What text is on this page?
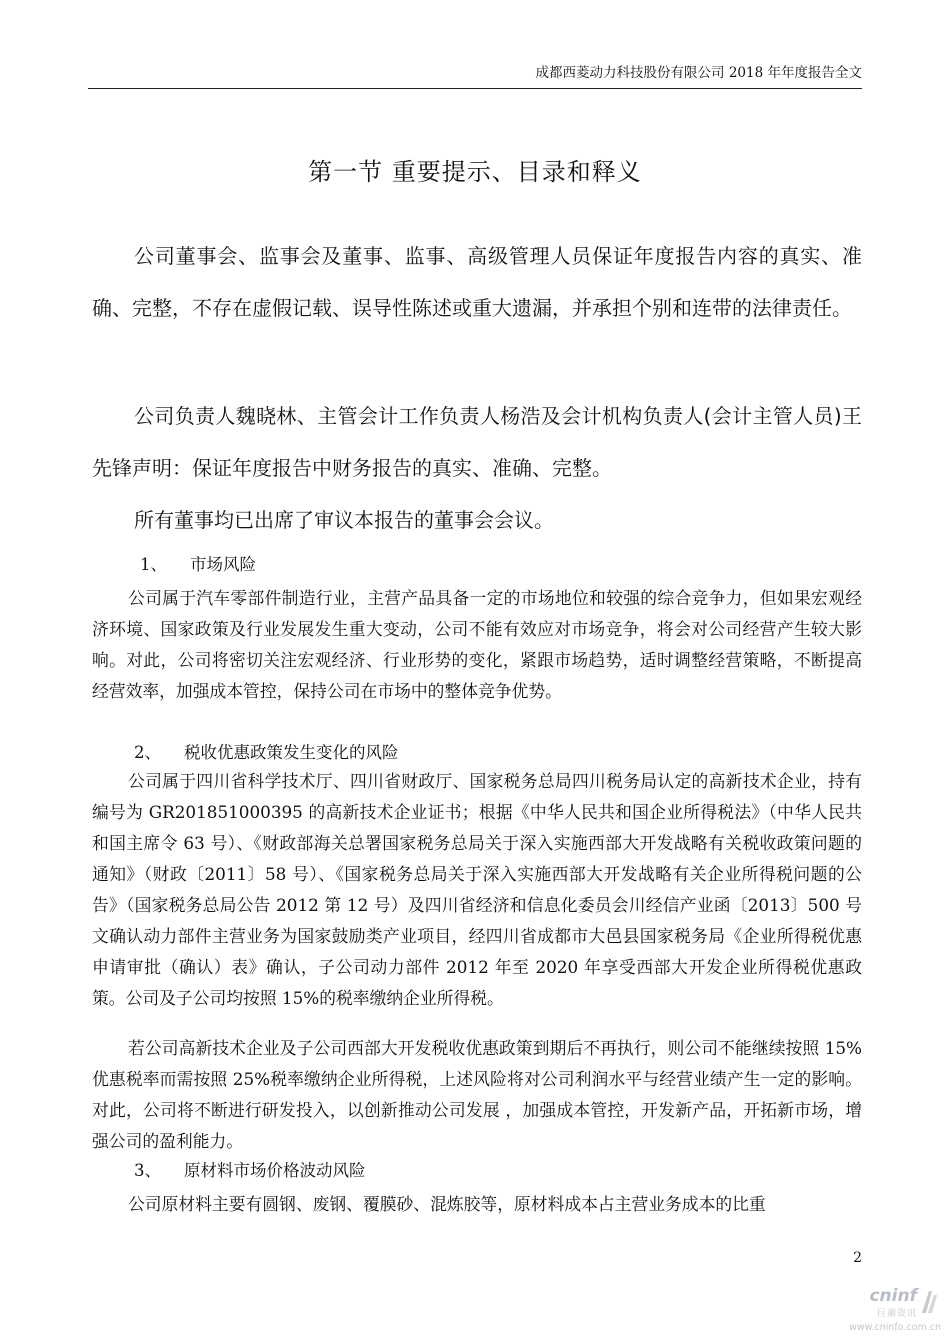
成都西菱动力科技股份有限公司 2018 年年度报告全文
第一节 重要提示、目录和释义
公司董事会、监事会及董事、监事、高级管理人员保证年度报告内容的真实、准确、完整，不存在虚假记载、误导性陈述或重大遗漏，并承担个别和连带的法律责任。
公司负责人魏晓林、主管会计工作负责人杨浩及会计机构负责人(会计主管人员)王先锋声明：保证年度报告中财务报告的真实、准确、完整。
所有董事均已出席了审议本报告的董事会会议。
1、 市场风险
公司属于汽车零部件制造行业，主营产品具备一定的市场地位和较强的综合竞争力，但如果宏观经济环境、国家政策及行业发展发生重大变动，公司不能有效应对市场竞争，将会对公司经营产生较大影响。对此，公司将密切关注宏观经济、行业形势的变化，紧跟市场趋势，适时调整经营策略，不断提高经营效率，加强成本管控，保持公司在市场中的整体竞争优势。
2、 税收优惠政策发生变化的风险
公司属于四川省科学技术厅、四川省财政厅、国家税务总局四川税务局认定的高新技术企业，持有编号为 GR201851000395 的高新技术企业证书；根据《中华人民共和国企业所得税法》（中华人民共和国主席令 63 号）、《财政部海关总署国家税务总局关于深入实施西部大开发战略有关税收政策问题的通知》（财政〔2011〕58 号）、《国家税务总局关于深入实施西部大开发战略有关企业所得税问题的公告》（国家税务总局公告 2012 第 12 号）及四川省经济和信息化委员会川经信产业函〔2013〕500 号文确认动力部件主营业务为国家鼓励类产业项目，经四川省成都市大邑县国家税务局《企业所得税优惠申请审批（确认）表》确认，子公司动力部件 2012 年至 2020 年享受西部大开发企业所得税优惠政策。公司及子公司均按照 15%的税率缴纳企业所得税。
若公司高新技术企业及子公司西部大开发税收优惠政策到期后不再执行，则公司不能继续按照 15%优惠税率而需按照 25%税率缴纳企业所得税，上述风险将对公司利润水平与经营业绩产生一定的影响。对此，公司将不断进行研发投入，以创新推动公司发展 ，加强成本管控，开发新产品，开拓新市场，增强公司的盈利能力。
3、 原材料市场价格波动风险
公司原材料主要有圆钢、废钢、覆膜砂、混炼胶等，原材料成本占主营业务成本的比重
2
cninf
巨潮资讯
www.cninfo.com.cn
